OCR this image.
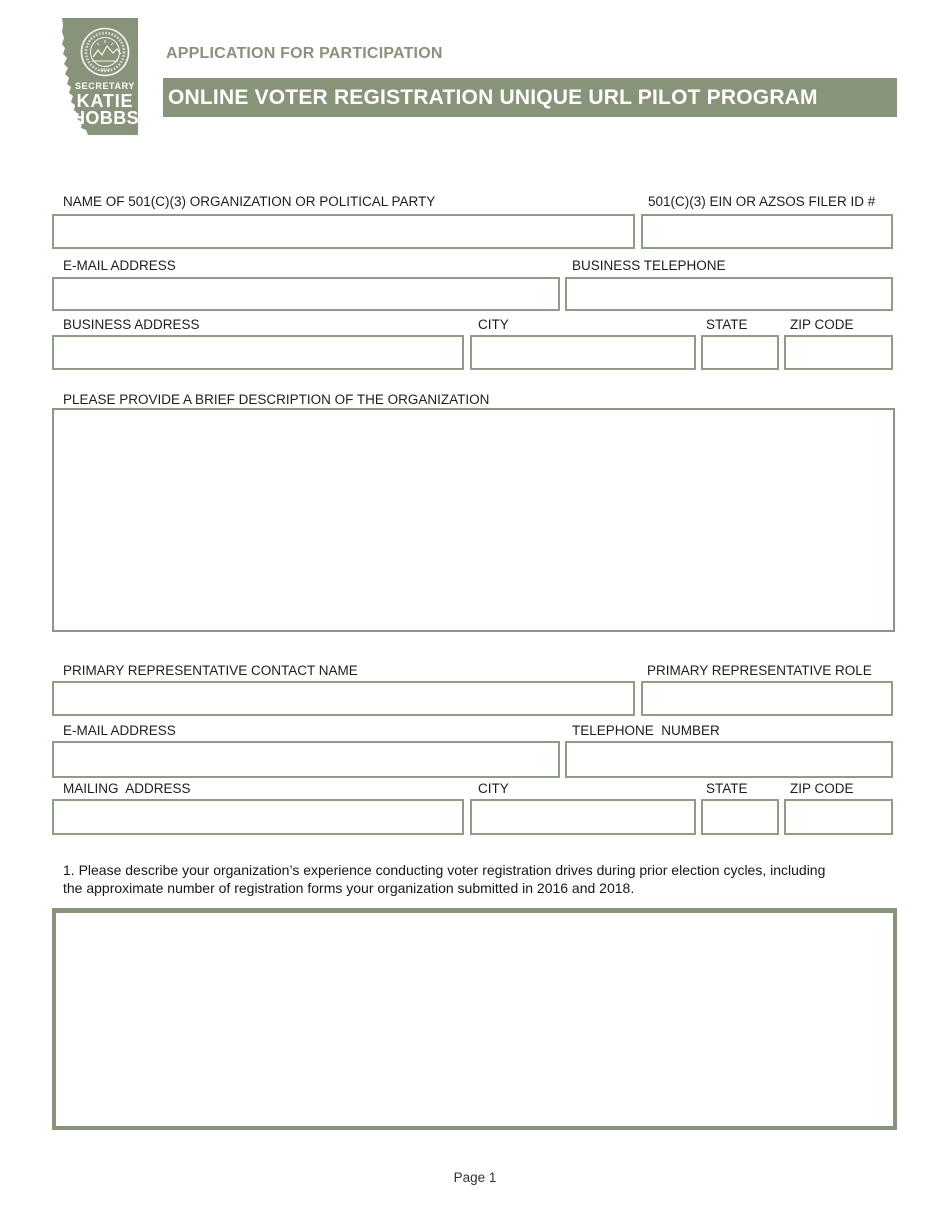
1912
SECRETARY
KATIE
HOBBS
APPLICATION FOR PARTICIPATION
ONLINE VOTER REGISTRATION UNIQUE URL PILOT PROGRAM
NAME OF 501(C)(3) ORGANIZATION OR POLITICAL PARTY	501(C)(3) EIN OR AZSOS FILER ID #
E-MAIL ADDRESS	BUSINESS TELEPHONE
BUSINESS ADDRESS	CITY	STATE	ZIP CODE
PLEASE PROVIDE A BRIEF DESCRIPTION OF THE ORGANIZATION
PRIMARY REPRESENTATIVE CONTACT NAME	PRIMARY REPRESENTATIVE ROLE
E-MAIL ADDRESS	TELEPHONE  NUMBER
MAILING  ADDRESS	CITY	STATE	ZIP CODE
1. Please describe your organization’s experience conducting voter registration drives during prior election cycles, including
the approximate number of registration forms your organization submitted in 2016 and 2018.
Page 1
